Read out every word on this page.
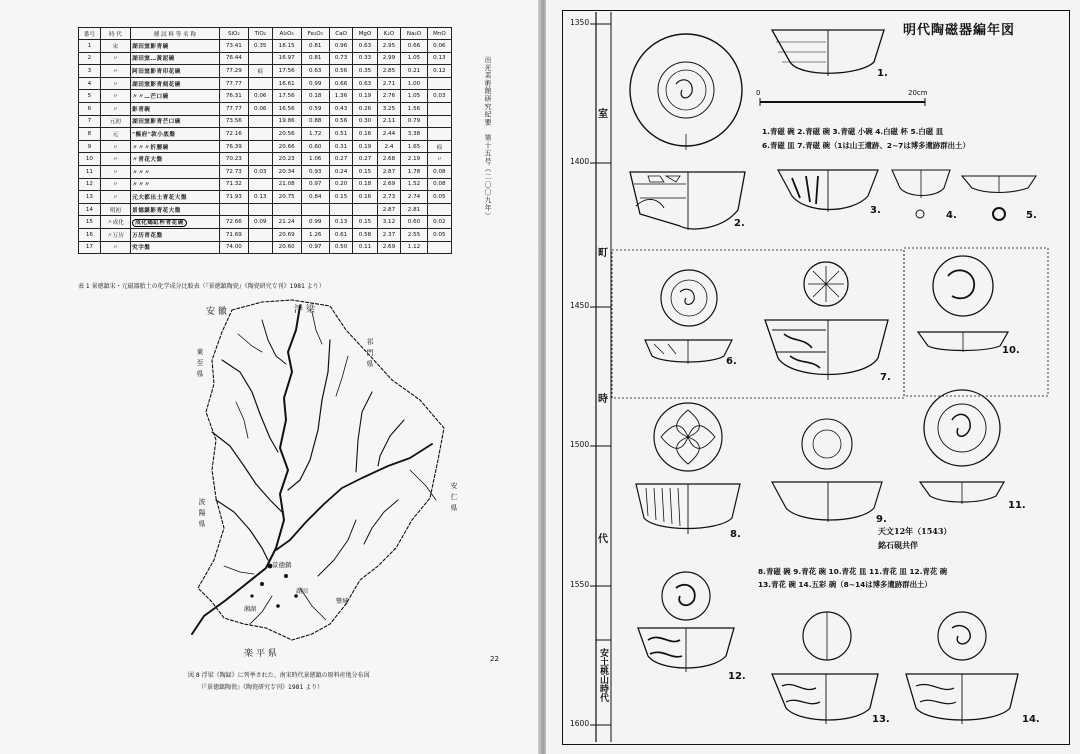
番号	時 代	種 試 料 等 名 称	SiO₂	TiO₂	Al₂O₃	Fe₂O₃	CaO	MgO	K₂O	Na₂O	MnO
1	宋	湖田窯影青碗	73.41	0.35	18.15	0.81	0.96	0.63	2.95	0.66	0.06
2	〃	湖田窯…黃泥碗	76.44		16.97	0.81	0.73	0.33	2.99	1.05	0.13
3	〃	阿田窯影青印花碗	77.29	痕	17.56	0.63	0.56	0.35	2.85	0.21	0.12
4	〃	湖田窯影青刻花碗	77.77		16.61	0.99	0.66	0.63	2.71	1.00	
5	〃	〃〃…芒口碗	76.31	0.06	17.56	0.18	1.36	0.19	2.76	1.05	0.03
6	〃	影青碗	77.77	0.06	16.56	0.59	0.43	0.26	3.25	1.56	
7	元初	湖田窯影青芒口碗	73.56		19.86	0.88	0.56	0.30	2.11	0.79	
8	元	"樞府"款小底盤	72.16		20.56	1.72	0.51	0.16	2.44	3.38	
9	〃	〃〃〃折腰碗	76.39		20.66	0.60	0.31	0.19	2.4	1.65	痕
10	〃	〃青花大盤	70.23		20.23	1.06	0.27	0.27	2.68	2.19	〃
11	〃	〃〃〃	72.73	0.03	20.34	0.93	0.24	0.15	2.87	1.78	0.08
12	〃	〃〃〃	71.32		21.08	0.97	0.20	0.18	2.69	1.52	0.08
13	〃	元大都出土青花大盤	71.93	0.13	20.75	0.84	0.15	0.16	2.73	2.74	0.05
14	明初	景德鎮影青花大盤							2.87	2.81	
15	〃成化	成化鶏缸杯青花碗	72.66	0.09	21.24	0.99	0.13	0.15	3.12	0.60	0.02
16	〃万历	万历青花盤	71.69		20.69	1.26	0.61	0.58	2.37	2.55	0.05
17	〃	究字盤	74.00		20.60	0.97	0.50	0.11	2.69	1.12	
表 1 景徳鎮宋・元磁器胎土の化学成分比較表（『景徳鎮陶瓷』《陶瓷研究专刊》1981 より）
安 徽	浮 梁
祁 門 県
東 至 県
波 陽 県
安 仁 県
楽 平 県
景徳鎮
湖田
豐城
湘湖
図 8 浮梁《陶録》に列挙された、南宋時代景徳鎮の原料産地分布図
（『景徳鎮陶瓷』《陶瓷研究专刊》1981 より）
出光美術館研究紀要　第十五号（二〇〇九年）
22
1350
1400
1450
1500
1550
1600
室
町
時
代
安土桃山時代
明代陶磁器編年図
0	20cm
1.青磁 碗 2.青磁 碗 3.青磁 小碗 4.白磁 杯 5.白磁 皿
6.青磁 皿 7.青磁 碗（1は山王遺跡、2~7は博多遺跡群出土）
8.青磁 碗 9.青花 碗 10.青花 皿 11.青花 皿 12.青花 碗
13.青花 碗 14.五彩 碗（8~14は博多遺跡群出土）
天文12年（1543）
銘石硯共伴
1.
2.
3.	4.	5.
6.
7.
8.
9.
10.
11.
12.
13.	14.
